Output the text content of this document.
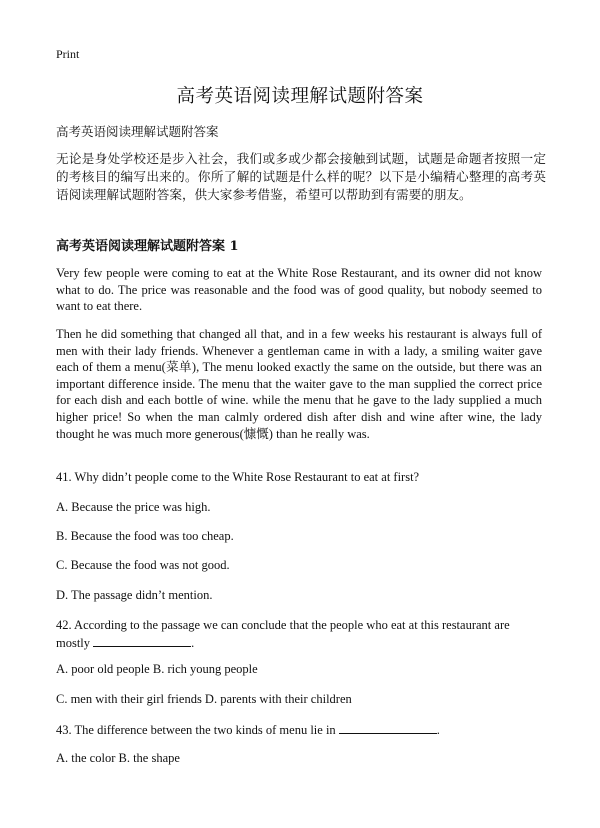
Print
高考英语阅读理解试题附答案
高考英语阅读理解试题附答案
无论是身处学校还是步入社会，我们或多或少都会接触到试题，试题是命题者按照一定的考核目的编写出来的。你所了解的试题是什么样的呢？以下是小编精心整理的高考英语阅读理解试题附答案，供大家参考借鉴，希望可以帮助到有需要的朋友。
高考英语阅读理解试题附答案 1
Very few people were coming to eat at the White Rose Restaurant, and its owner did not know what to do. The price was reasonable and the food was of good quality, but nobody seemed to want to eat there.
Then he did something that changed all that, and in a few weeks his restaurant is always full of men with their lady friends. Whenever a gentleman came in with a lady, a smiling waiter gave each of them a menu(菜单), The menu looked exactly the same on the outside, but there was an important difference inside. The menu that the waiter gave to the man supplied the correct price for each dish and each bottle of wine. while the menu that he gave to the lady supplied a much higher price! So when the man calmly ordered dish after dish and wine after wine, the lady thought he was much more generous(慷慨) than he really was.
41. Why didn’t people come to the White Rose Restaurant to eat at first?
A. Because the price was high.
B. Because the food was too cheap.
C. Because the food was not good.
D. The passage didn’t mention.
42. According to the passage we can conclude that the people who eat at this restaurant are mostly	.
A. poor old people B. rich young people
C. men with their girl friends D. parents with their children
43. The difference between the two kinds of menu lie in	.
A. the color B. the shape
